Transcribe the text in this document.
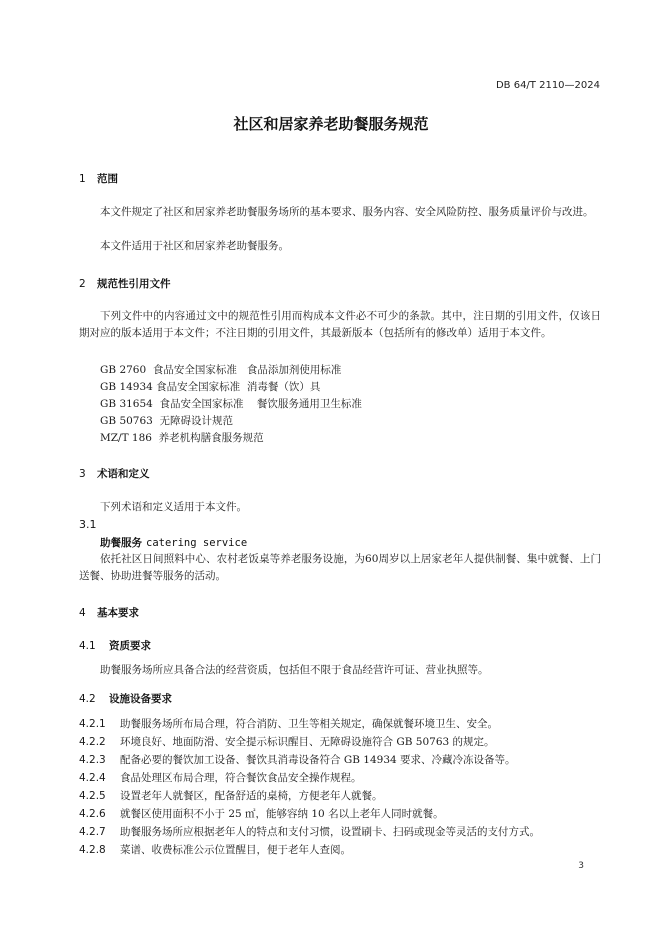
DB 64/T 2110—2024
社区和居家养老助餐服务规范
1 范围
本文件规定了社区和居家养老助餐服务场所的基本要求、服务内容、安全风险防控、服务质量评价与改进。
本文件适用于社区和居家养老助餐服务。
2 规范性引用文件
下列文件中的内容通过文中的规范性引用而构成本文件必不可少的条款。其中，注日期的引用文件，仅该日期对应的版本适用于本文件；不注日期的引用文件，其最新版本（包括所有的修改单）适用于本文件。
GB 2760  食品安全国家标准   食品添加剂使用标准
GB 14934 食品安全国家标准  消毒餐（饮）具
GB 31654  食品安全国家标准    餐饮服务通用卫生标准
GB 50763  无障碍设计规范
MZ/T 186  养老机构膳食服务规范
3 术语和定义
下列术语和定义适用于本文件。
3.1
助餐服务 catering service
依托社区日间照料中心、农村老饭桌等养老服务设施，为60周岁以上居家老年人提供制餐、集中就餐、上门送餐、协助进餐等服务的活动。
4 基本要求
4.1 资质要求
助餐服务场所应具备合法的经营资质，包括但不限于食品经营许可证、营业执照等。
4.2 设施设备要求
4.2.1 助餐服务场所布局合理，符合消防、卫生等相关规定，确保就餐环境卫生、安全。
4.2.2 环境良好、地面防滑、安全提示标识醒目、无障碍设施符合 GB 50763 的规定。
4.2.3 配备必要的餐饮加工设备、餐饮具消毒设备符合 GB 14934 要求、冷藏冷冻设备等。
4.2.4 食品处理区布局合理，符合餐饮食品安全操作规程。
4.2.5 设置老年人就餐区，配备舒适的桌椅，方便老年人就餐。
4.2.6 就餐区使用面积不小于 25 ㎡，能够容纳 10 名以上老年人同时就餐。
4.2.7 助餐服务场所应根据老年人的特点和支付习惯，设置刷卡、扫码或现金等灵活的支付方式。
4.2.8 菜谱、收费标准公示位置醒目，便于老年人查阅。
3
